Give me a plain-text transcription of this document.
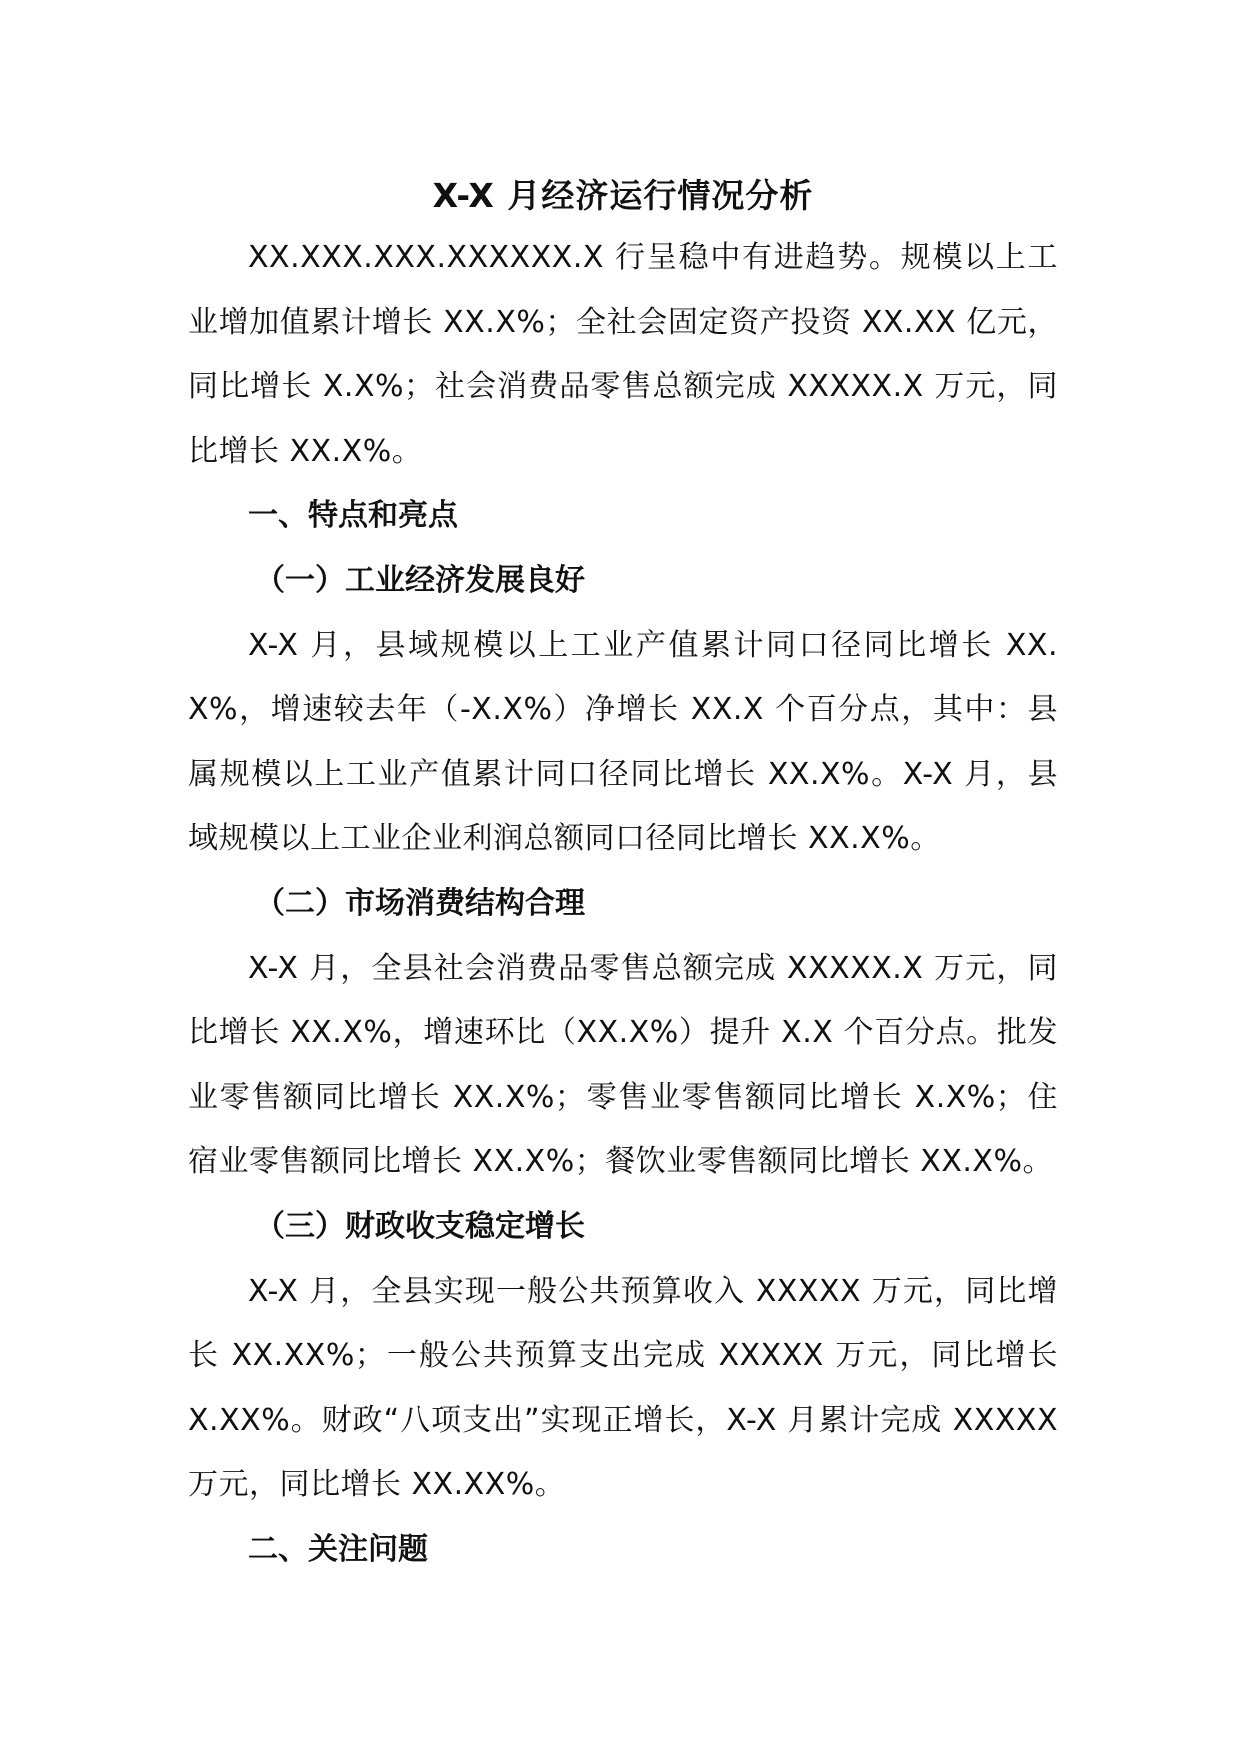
X-X 月经济运行情况分析

XX.XXX.XXX.XXXXXX.X 行呈稳中有进趋势。规模以上工业增加值累计增长 XX.X%；全社会固定资产投资 XX.XX 亿元，同比增长 X.X%；社会消费品零售总额完成 XXXXX.X 万元，同比增长 XX.X%。

一、特点和亮点
（一）工业经济发展良好

X-X 月，县域规模以上工业产值累计同口径同比增长 XX.X%，增速较去年（-X.X%）净增长 XX.X 个百分点，其中：县属规模以上工业产值累计同口径同比增长 XX.X%。X-X 月，县域规模以上工业企业利润总额同口径同比增长 XX.X%。

（二）市场消费结构合理

X-X 月，全县社会消费品零售总额完成 XXXXX.X 万元，同比增长 XX.X%，增速环比（XX.X%）提升 X.X 个百分点。批发业零售额同比增长 XX.X%；零售业零售额同比增长 X.X%；住宿业零售额同比增长 XX.X%；餐饮业零售额同比增长 XX.X%。

（三）财政收支稳定增长

X-X 月，全县实现一般公共预算收入 XXXXX 万元，同比增长 XX.XX%；一般公共预算支出完成 XXXXX 万元，同比增长 X.XX%。财政“八项支出”实现正增长，X-X 月累计完成 XXXXX 万元，同比增长 XX.XX%。

二、关注问题
